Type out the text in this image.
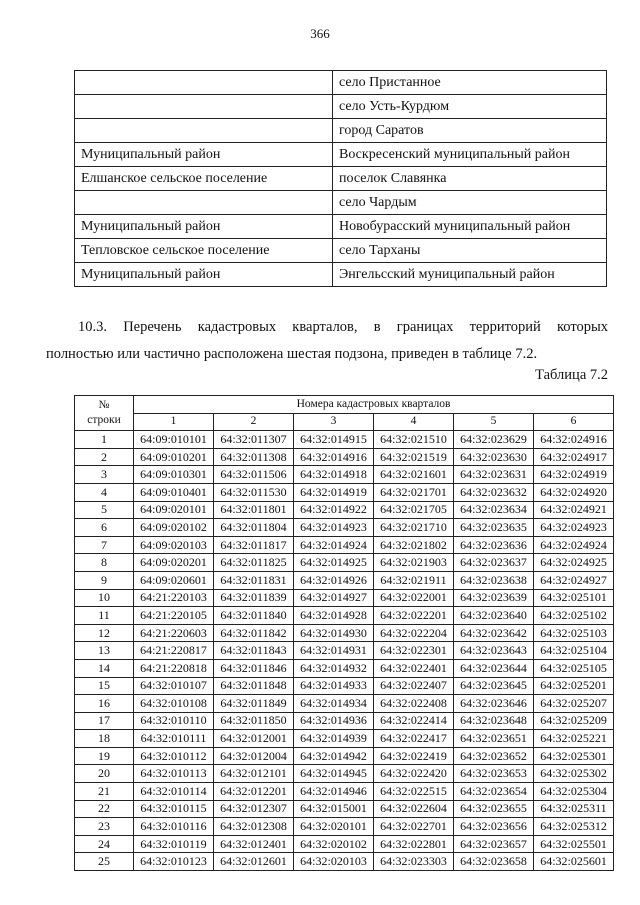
366
	село Пристанное
	село Усть-Курдюм
	город Саратов
Муниципальный район	Воскресенский муниципальный район
Елшанское сельское поселение	поселок Славянка
	село Чардым
Муниципальный район	Новобурасский муниципальный район
Тепловское сельское поселение	село Тарханы
Муниципальный район	Энгельсский муниципальный район
10.3. Перечень кадастровых кварталов, в границах территорий которых
полностью или частично расположена шестая подзона, приведен в таблице 7.2.
Таблица 7.2
№
строки	Номера кадастровых кварталов					
	1	2	3	4	5	6
1	64:09:010101	64:32:011307	64:32:014915	64:32:021510	64:32:023629	64:32:024916
2	64:09:010201	64:32:011308	64:32:014916	64:32:021519	64:32:023630	64:32:024917
3	64:09:010301	64:32:011506	64:32:014918	64:32:021601	64:32:023631	64:32:024919
4	64:09:010401	64:32:011530	64:32:014919	64:32:021701	64:32:023632	64:32:024920
5	64:09:020101	64:32:011801	64:32:014922	64:32:021705	64:32:023634	64:32:024921
6	64:09:020102	64:32:011804	64:32:014923	64:32:021710	64:32:023635	64:32:024923
7	64:09:020103	64:32:011817	64:32:014924	64:32:021802	64:32:023636	64:32:024924
8	64:09:020201	64:32:011825	64:32:014925	64:32:021903	64:32:023637	64:32:024925
9	64:09:020601	64:32:011831	64:32:014926	64:32:021911	64:32:023638	64:32:024927
10	64:21:220103	64:32:011839	64:32:014927	64:32:022001	64:32:023639	64:32:025101
11	64:21:220105	64:32:011840	64:32:014928	64:32:022201	64:32:023640	64:32:025102
12	64:21:220603	64:32:011842	64:32:014930	64:32:022204	64:32:023642	64:32:025103
13	64:21:220817	64:32:011843	64:32:014931	64:32:022301	64:32:023643	64:32:025104
14	64:21:220818	64:32:011846	64:32:014932	64:32:022401	64:32:023644	64:32:025105
15	64:32:010107	64:32:011848	64:32:014933	64:32:022407	64:32:023645	64:32:025201
16	64:32:010108	64:32:011849	64:32:014934	64:32:022408	64:32:023646	64:32:025207
17	64:32:010110	64:32:011850	64:32:014936	64:32:022414	64:32:023648	64:32:025209
18	64:32:010111	64:32:012001	64:32:014939	64:32:022417	64:32:023651	64:32:025221
19	64:32:010112	64:32:012004	64:32:014942	64:32:022419	64:32:023652	64:32:025301
20	64:32:010113	64:32:012101	64:32:014945	64:32:022420	64:32:023653	64:32:025302
21	64:32:010114	64:32:012201	64:32:014946	64:32:022515	64:32:023654	64:32:025304
22	64:32:010115	64:32:012307	64:32:015001	64:32:022604	64:32:023655	64:32:025311
23	64:32:010116	64:32:012308	64:32:020101	64:32:022701	64:32:023656	64:32:025312
24	64:32:010119	64:32:012401	64:32:020102	64:32:022801	64:32:023657	64:32:025501
25	64:32:010123	64:32:012601	64:32:020103	64:32:023303	64:32:023658	64:32:025601
